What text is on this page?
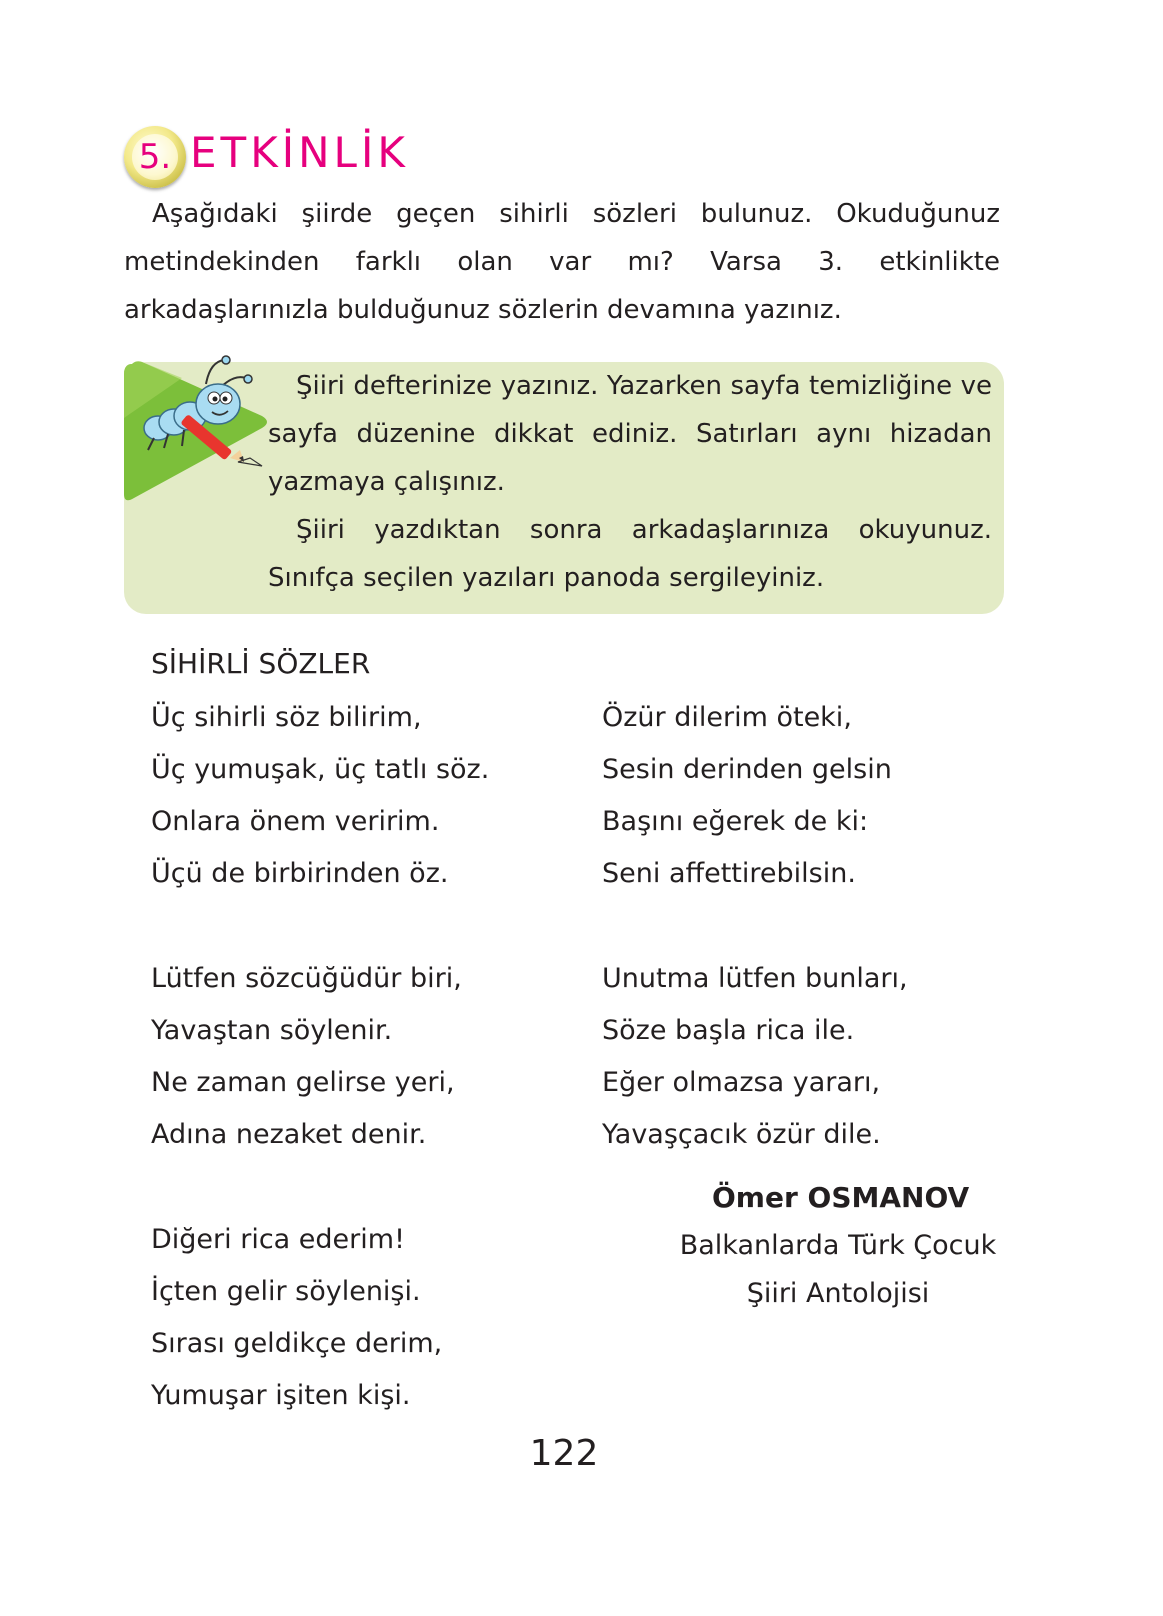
5. ETKİNLİK

Aşağıdaki şiirde geçen sihirli sözleri bulunuz. Okuduğunuz metindekinden farklı olan var mı? Varsa 3. etkinlikte arkadaşlarınızla bulduğunuz sözlerin devamına yazınız.

Şiiri defterinize yazınız. Yazarken sayfa temizliğine ve sayfa düzenine dikkat ediniz. Satırları aynı hizadan yazmaya çalışınız.

Şiiri yazdıktan sonra arkadaşlarınıza okuyunuz. Sınıfça seçilen yazıları panoda sergileyiniz.

SİHİRLİ SÖZLER
Üç sihirli söz bilirim,
Üç yumuşak, üç tatlı söz.
Onlara önem veririm.
Üçü de birbirinden öz.
Lütfen sözcüğüdür biri,
Yavaştan söylenir.
Ne zaman gelirse yeri,
Adına nezaket denir.
Diğeri rica ederim!
İçten gelir söylenişi.
Sırası geldikçe derim,
Yumuşar işiten kişi.
Özür dilerim öteki,
Sesin derinden gelsin
Başını eğerek de ki:
Seni affettirebilsin.
Unutma lütfen bunları,
Söze başla rica ile.
Eğer olmazsa yararı,
Yavaşçacık özür dile.
Ömer OSMANOV
Balkanlarda Türk Çocuk
Şiiri Antolojisi
122
